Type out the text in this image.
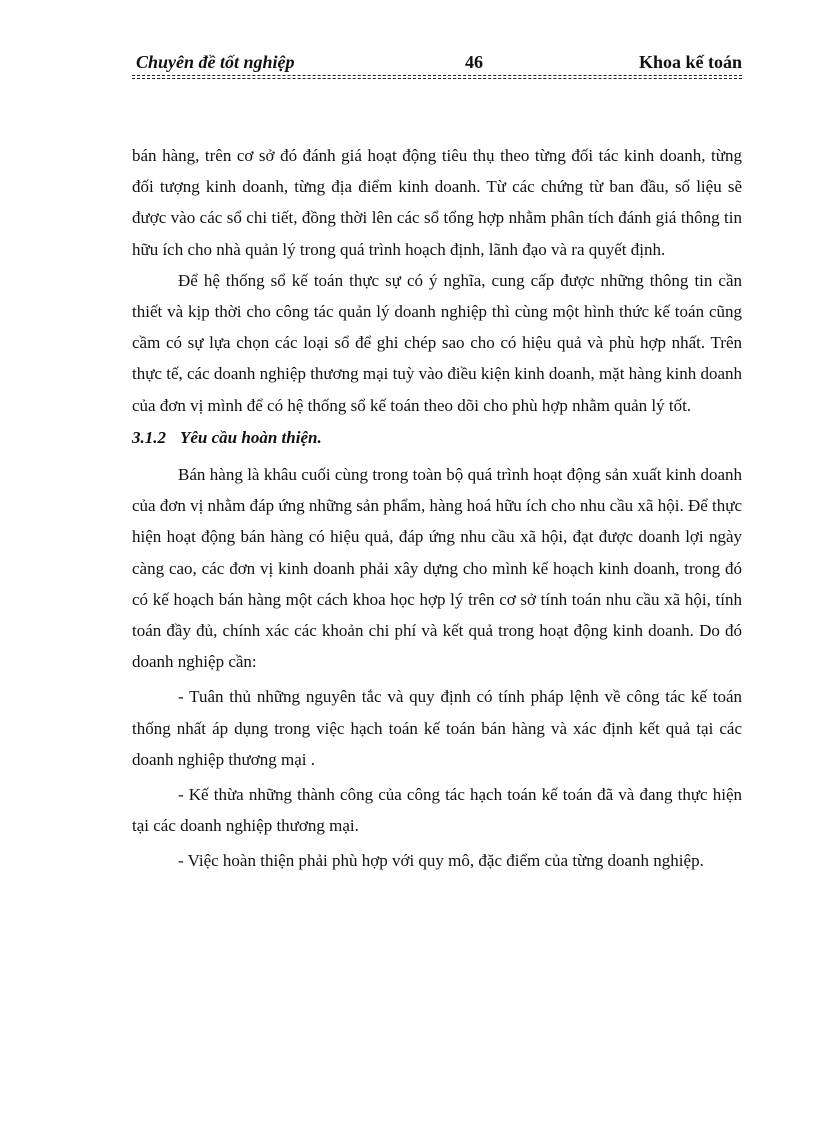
Chuyên đề tốt nghiệp	46	Khoa kế toán

bán hàng, trên cơ sở đó đánh giá hoạt động tiêu thụ theo từng đối tác kinh doanh, từng đối tượng kinh doanh, từng địa điểm kinh doanh. Từ các chứng từ ban đầu, số liệu sẽ được vào các sổ chi tiết, đồng thời lên các sổ tổng hợp nhằm phân tích đánh giá thông tin hữu ích cho nhà quản lý trong quá trình hoạch định, lãnh đạo và ra quyết định.

Để hệ thống sổ kế toán thực sự có ý nghĩa, cung cấp được những thông tin cần thiết và kịp thời cho công tác quản lý doanh nghiệp thì cùng một hình thức kế toán cũng cầm có sự lựa chọn các loại sổ để ghi chép sao cho có hiệu quả và phù hợp nhất. Trên thực tế, các doanh nghiệp thương mại tuỳ vào điều kiện kinh doanh, mặt hàng kinh doanh của đơn vị mình để có hệ thống sổ kế toán theo dõi cho phù hợp nhằm quản lý tốt.

3.1.2 Yêu cầu hoàn thiện.

Bán hàng là khâu cuối cùng trong toàn bộ quá trình hoạt động sản xuất kinh doanh của đơn vị nhằm đáp ứng những sản phẩm, hàng hoá hữu ích cho nhu cầu xã hội. Để thực hiện hoạt động bán hàng có hiệu quả, đáp ứng nhu cầu xã hội, đạt được doanh lợi ngày càng cao, các đơn vị kinh doanh phải xây dựng cho mình kế hoạch kinh doanh, trong đó có kế hoạch bán hàng một cách khoa học hợp lý trên cơ sở tính toán nhu cầu xã hội, tính toán đầy đủ, chính xác các khoản chi phí và kết quả trong hoạt động kinh doanh. Do đó doanh nghiệp cần:

- Tuân thủ những nguyên tắc và quy định có tính pháp lệnh về công tác kế toán thống nhất áp dụng trong việc hạch toán kế toán bán hàng và xác định kết quả tại các doanh nghiệp thương mại .

- Kế thừa những thành công của công tác hạch toán kế toán đã và đang thực hiện tại các doanh nghiệp thương mại.

- Việc hoàn thiện phải phù hợp với quy mô, đặc điểm của từng doanh nghiệp.
